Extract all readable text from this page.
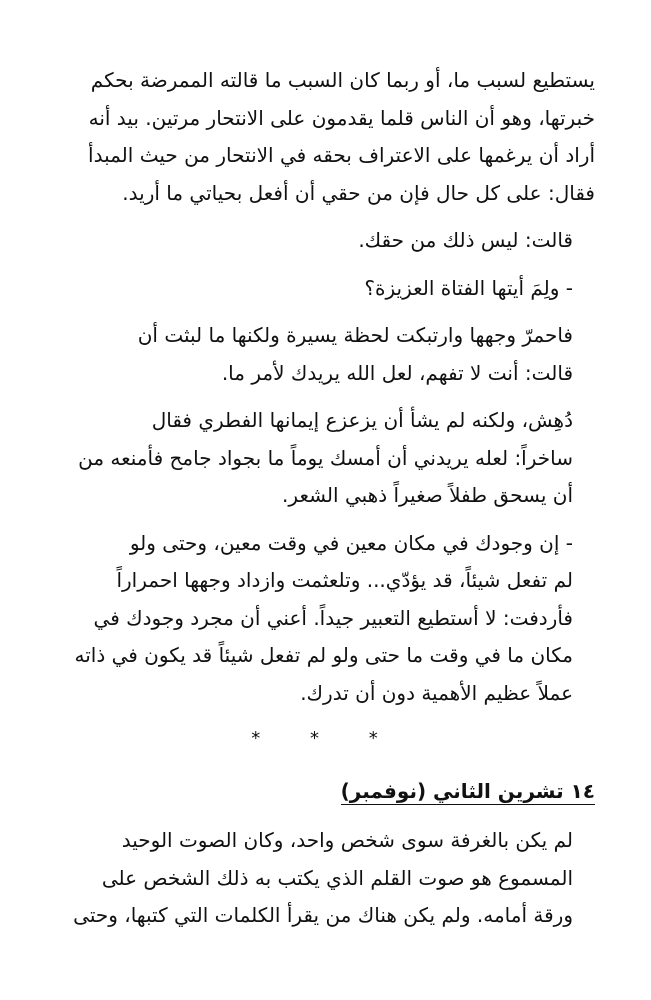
يستطيع لسبب ما، أو ربما كان السبب ما قالته الممرضة بحكم
خبرتها، وهو أن الناس قلما يقدمون على الانتحار مرتين. بيد أنه
أراد أن يرغمها على الاعتراف بحقه في الانتحار من حيث المبدأ
فقال: على كل حال فإن من حقي أن أفعل بحياتي ما أريد.

قالت: ليس ذلك من حقك.

- ولِمَ أيتها الفتاة العزيزة؟

فاحمرّ وجهها وارتبكت لحظة يسيرة ولكنها ما لبثت أن
قالت: أنت لا تفهم، لعل الله يريدك لأمر ما.

دُهِش، ولكنه لم يشأ أن يزعزع إيمانها الفطري فقال
ساخراً: لعله يريدني أن أمسك يوماً ما بجواد جامح فأمنعه من
أن يسحق طفلاً صغيراً ذهبي الشعر.

- إن وجودك في مكان معين في وقت معين، وحتى ولو
لم تفعل شيئاً، قد يؤدّي... وتلعثمت وازداد وجهها احمراراً
فأردفت: لا أستطيع التعبير جيداً. أعني أن مجرد وجودك في
مكان ما في وقت ما حتى ولو لم تفعل شيئاً قد يكون في ذاته
عملاً عظيم الأهمية دون أن تدرك.

* * *
١٤ تشرين الثاني (نوفمبر)

لم يكن بالغرفة سوى شخص واحد، وكان الصوت الوحيد
المسموع هو صوت القلم الذي يكتب به ذلك الشخص على
ورقة أمامه. ولم يكن هناك من يقرأ الكلمات التي كتبها، وحتى
